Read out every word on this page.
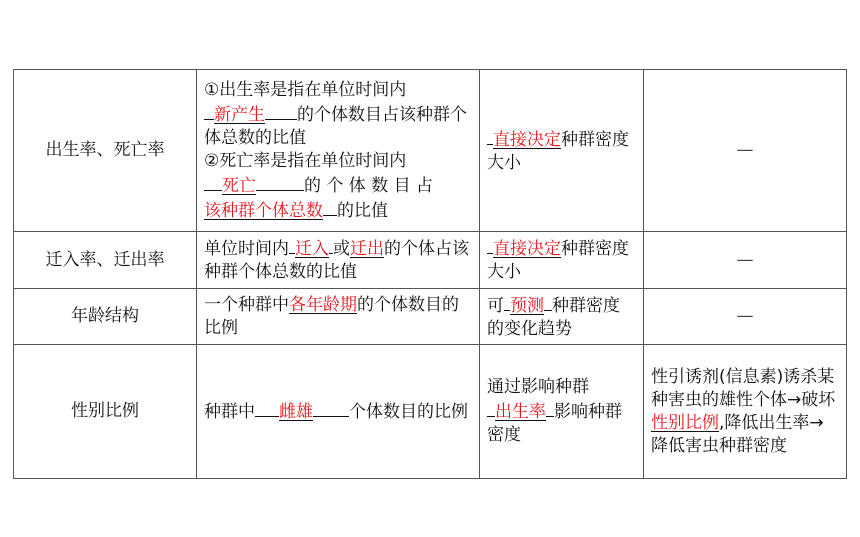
出生率、死亡率	①出生率是指在单位时间内
新产生 的个体数目占该种群个体总数的比值
②死亡率是指在单位时间内
死亡 的 个 体 数 目 占
该种群个体总数 的比值	直接决定种群密度大小	—
迁入率、迁出率	单位时间内 迁入 或迁出的个体占该种群个体总数的比值	直接决定种群密度大小	—
年龄结构	一个种群中各年龄期的个体数目的比例	可 预测 种群密度的变化趋势	—
性别比例	种群中 雌雄 个体数目的比例	通过影响种群
出生率 影响种群密度	性引诱剂(信息素)诱杀某种害虫的雄性个体→破坏性别比例,降低出生率→降低害虫种群密度
